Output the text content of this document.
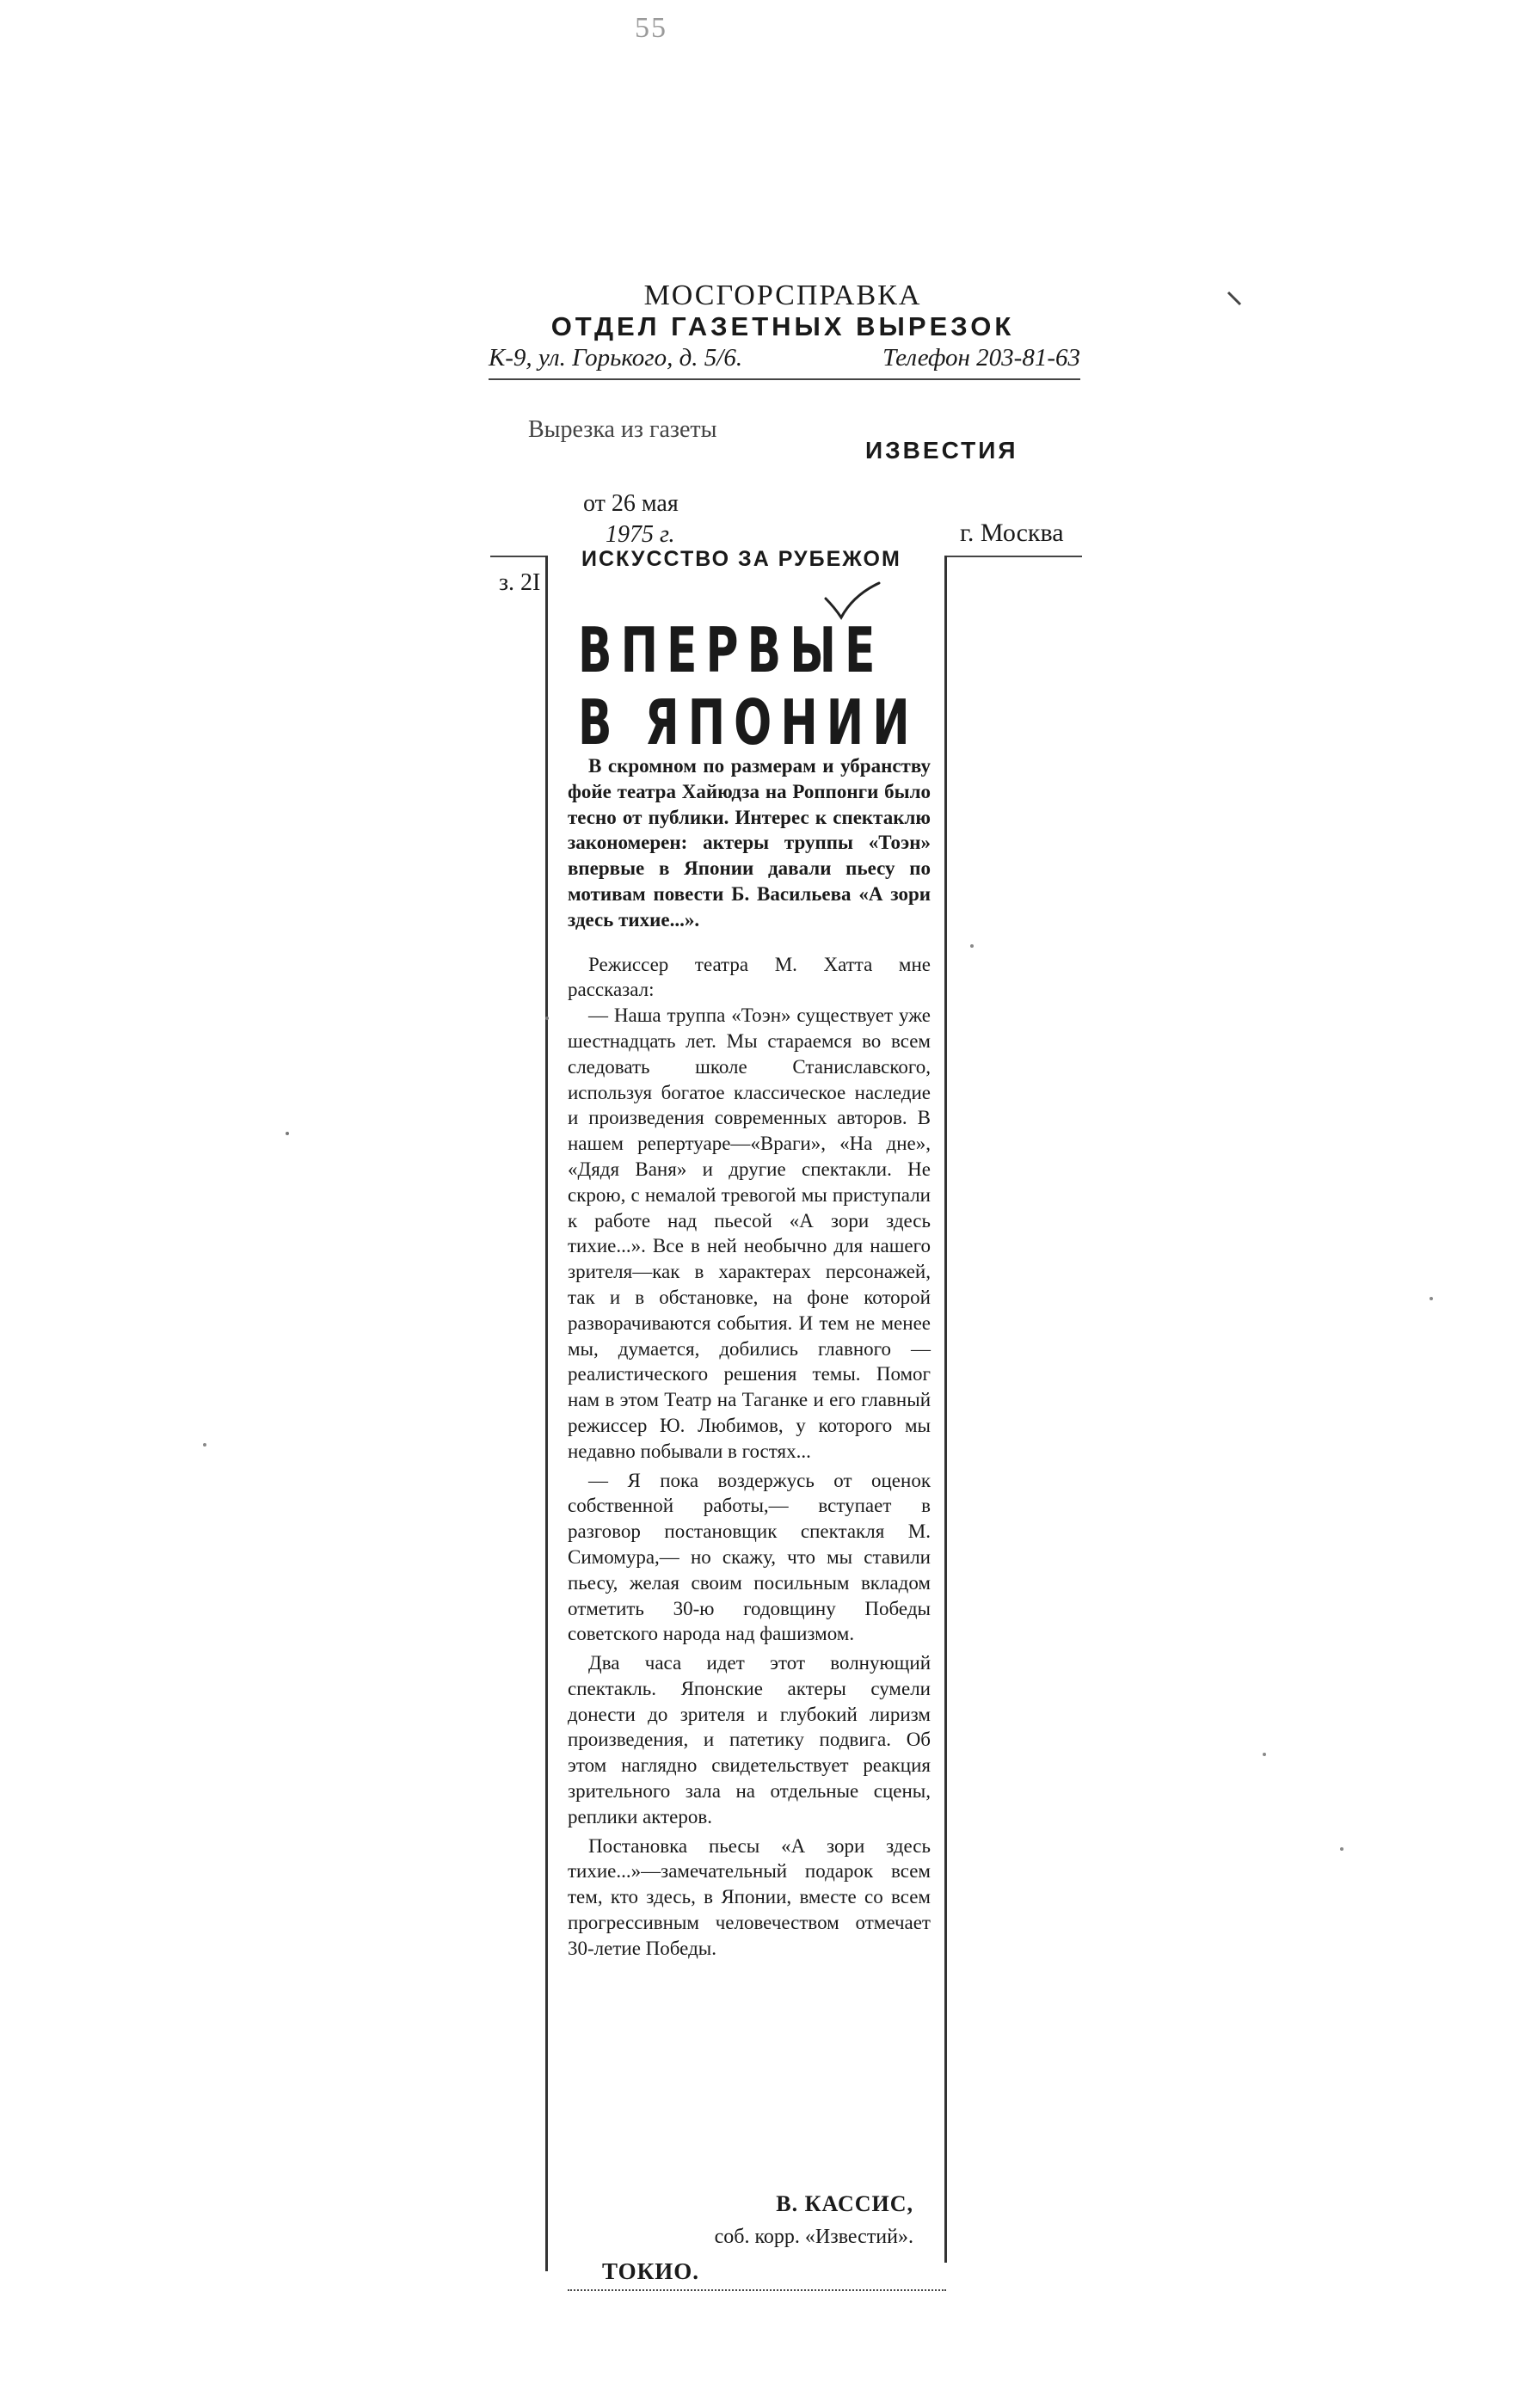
55
МОСГОРСПРАВКА
ОТДЕЛ ГАЗЕТНЫХ ВЫРЕЗОК
К-9, ул. Горького, д. 5/6.	Телефон 203-81-63
Вырезка из газеты
ИЗВЕСТИЯ
от 26 мая
1975 г.	г. Москва
з. 2I
ИСКУССТВО ЗА РУБЕЖОМ
ВПЕРВЫЕ
В ЯПОНИИ

В скромном по размерам и убранству фойе театра Хайюдза на Роппонги было тесно от публики. Интерес к спектаклю закономерен: актеры труппы «Тоэн» впервые в Японии давали пьесу по мотивам повести Б. Васильева «А зори здесь тихие...».

Режиссер театра М. Хатта мне рассказал:

— Наша труппа «Тоэн» существует уже шестнадцать лет. Мы стараемся во всем следовать школе Станиславского, используя богатое классическое наследие и произведения современных авторов. В нашем репертуаре—«Враги», «На дне», «Дядя Ваня» и другие спектакли. Не скрою, с немалой тревогой мы приступали к работе над пьесой «А зори здесь тихие...». Все в ней необычно для нашего зрителя—как в характерах персонажей, так и в обстановке, на фоне которой разворачиваются события. И тем не менее мы, думается, добились главного — реалистического решения темы. Помог нам в этом Театр на Таганке и его главный режиссер Ю. Любимов, у которого мы недавно побывали в гостях...

— Я пока воздержусь от оценок собственной работы,— вступает в разговор постановщик спектакля М. Симомура,— но скажу, что мы ставили пьесу, желая своим посильным вкладом отметить 30-ю годовщину Победы советского народа над фашизмом.

Два часа идет этот волнующий спектакль. Японские актеры сумели донести до зрителя и глубокий лиризм произведения, и патетику подвига. Об этом наглядно свидетельствует реакция зрительного зала на отдельные сцены, реплики актеров.

Постановка пьесы «А зори здесь тихие...»—замечательный подарок всем тем, кто здесь, в Японии, вместе со всем прогрессивным человечеством отмечает 30-летие Победы.

В. КАССИС,
соб. корр. «Известий».
ТОКИО.
